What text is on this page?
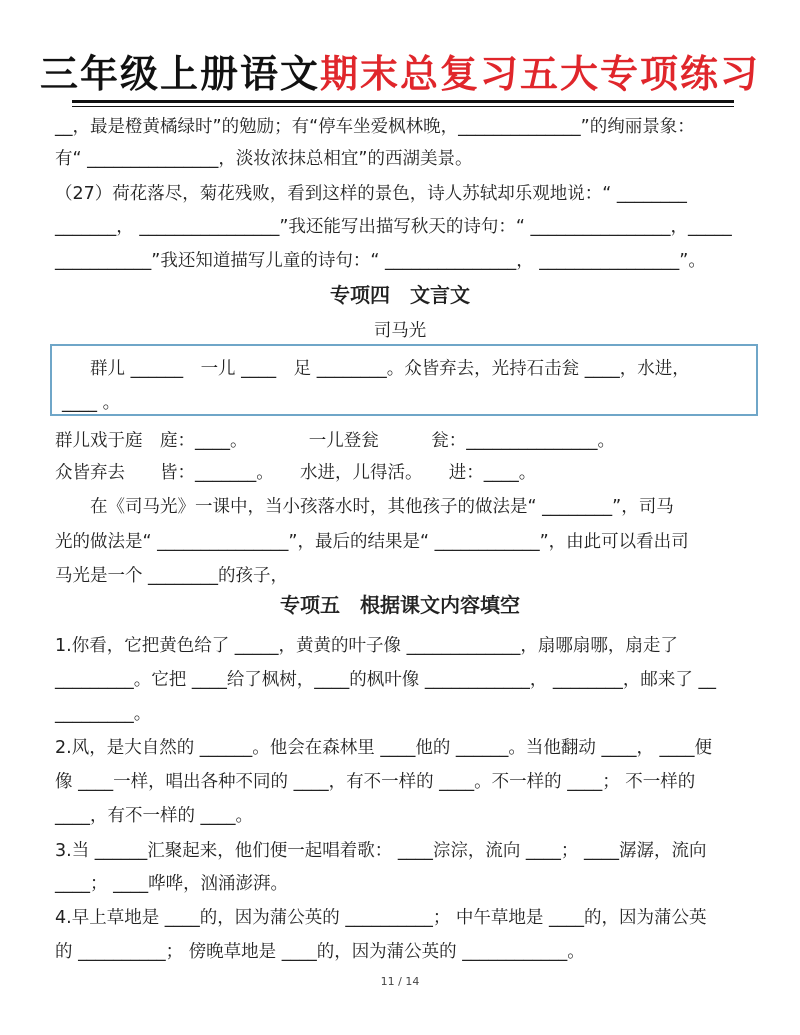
三年级上册语文期末总复习五大专项练习
__，最是橙黄橘绿时”的勉励；有“停车坐爱枫林晚，______________”的绚丽景象：
有“ _______________，淡妆浓抹总相宜”的西湖美景。
（27）荷花落尽，菊花残败，看到这样的景色，诗人苏轼却乐观地说：“ ________
_______， ________________”我还能写出描写秋天的诗句：“ ________________，_____
___________”我还知道描写儿童的诗句：“ _______________， ________________”。
专项四　文言文
司马光
群儿 ______　一儿 ____　足 ________。众皆弃去，光持石击瓮 ____，水进，
____ 。
群儿戏于庭　庭：____。　　　　一儿登瓮　　　瓮：_______________。
众皆弃去　　皆：_______。　　水进，儿得活。　　进：____。
在《司马光》一课中，当小孩落水时，其他孩子的做法是“ ________”，司马
光的做法是“ _______________”，最后的结果是“ ____________”，由此可以看出司
马光是一个 ________的孩子，
专项五　根据课文内容填空
1.你看，它把黄色给了 _____，黄黄的叶子像 _____________，扇哪扇哪，扇走了
_________。它把 ____给了枫树，____的枫叶像 ____________， ________，邮来了 __
_________。
2.风，是大自然的 ______。他会在森林里 ____他的 ______。当他翻动 ____， ____便
像 ____一样，唱出各种不同的 ____，有不一样的 ____。不一样的 ____； 不一样的
____，有不一样的 ____。
3.当 ______汇聚起来，他们便一起唱着歌： ____淙淙，流向 ____； ____潺潺，流向
____； ____哗哗，汹涌澎湃。
4.早上草地是 ____的，因为蒲公英的 __________； 中午草地是 ____的，因为蒲公英
的 __________； 傍晚草地是 ____的，因为蒲公英的 ____________。
11 / 14
